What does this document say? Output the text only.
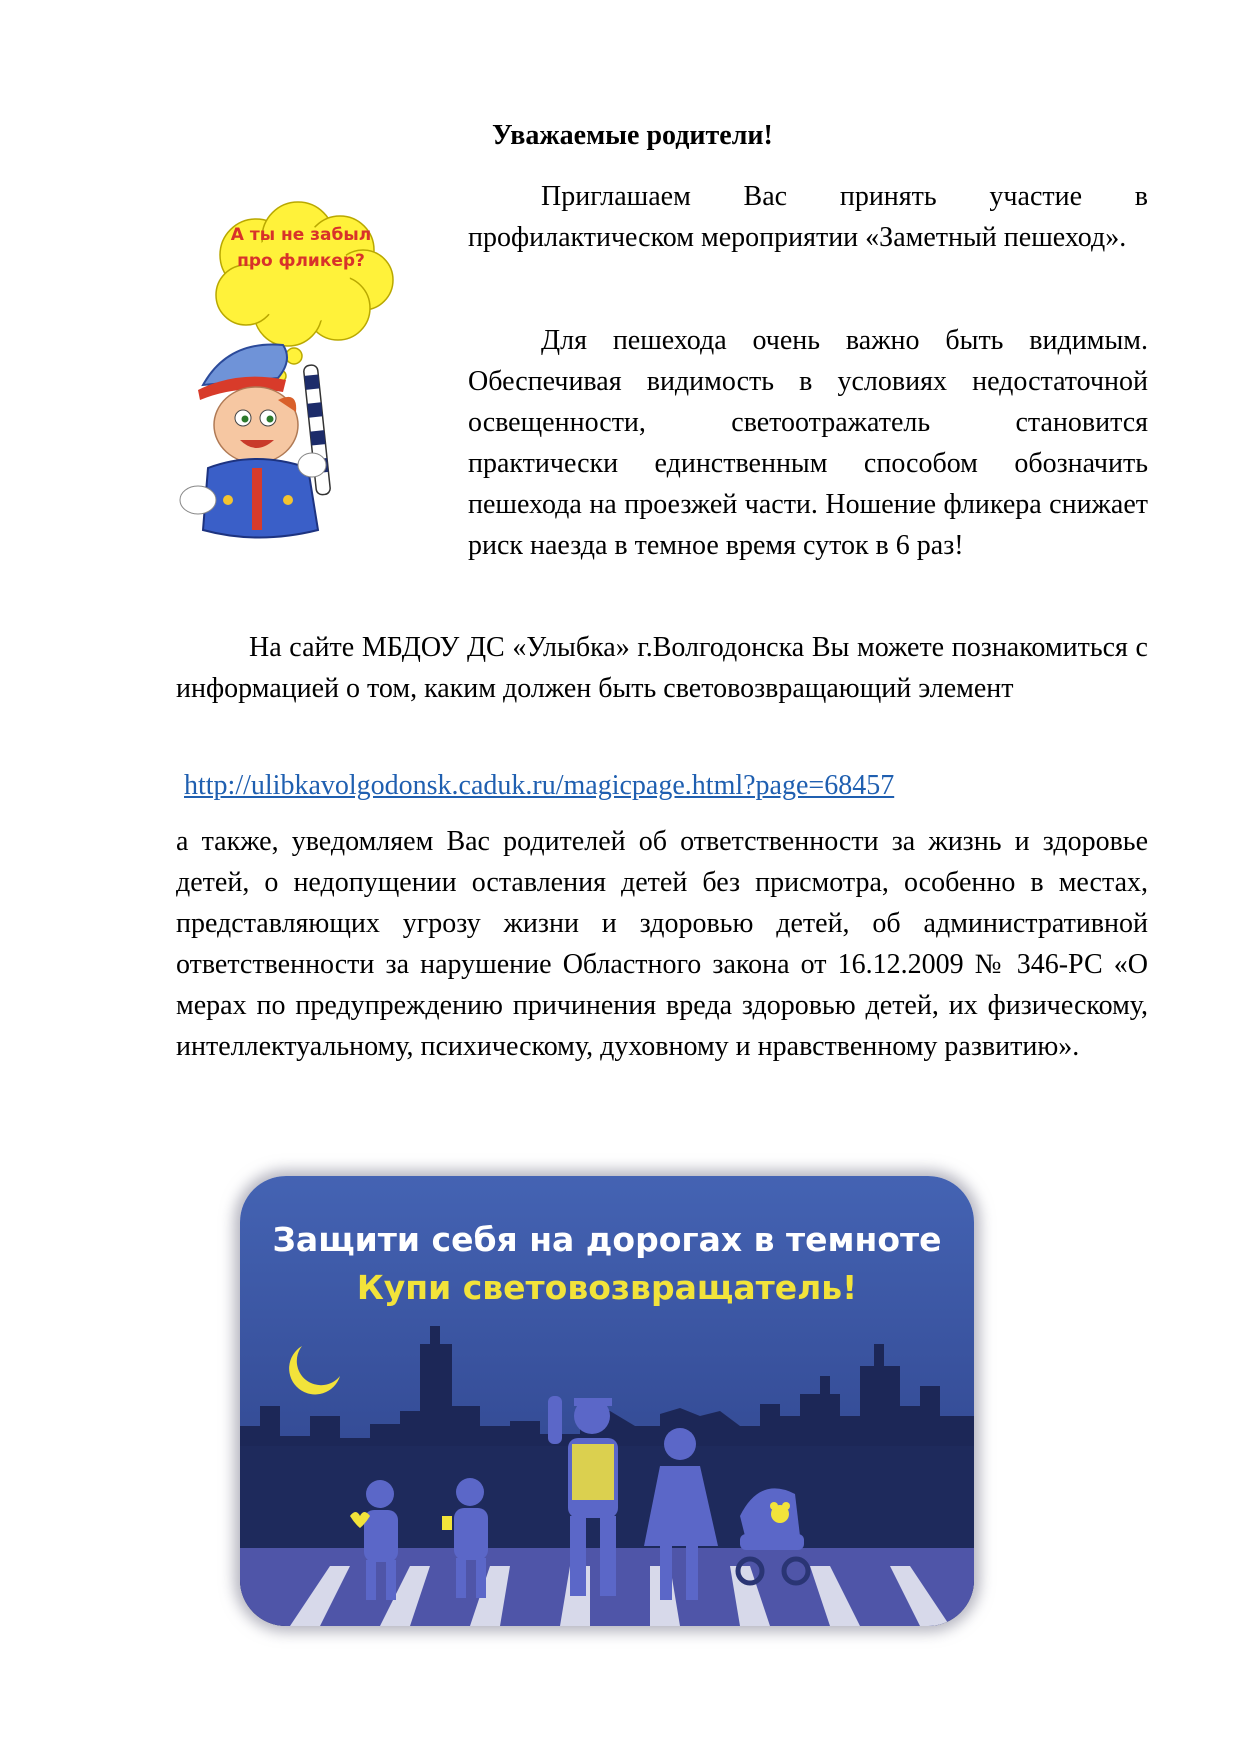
Уважаемые родители!
А ты не забыл про фликер?

Приглашаем Вас принять участие в профилактическом мероприятии «Заметный пешеход».

Для пешехода очень важно быть видимым. Обеспечивая видимость в условиях недостаточной освещенности, светоотражатель становится практически единственным способом обозначить пешехода на проезжей части. Ношение фликера снижает риск наезда в темное время суток в 6 раз!

На сайте МБДОУ ДС «Улыбка» г.Волгодонска Вы можете познакомиться с информацией о том, каким должен быть световозвращающий элемент

http://ulibkavolgodonsk.caduk.ru/magicpage.html?page=68457

а также, уведомляем Вас родителей об ответственности за жизнь и здоровье детей, о недопущении оставления детей без присмотра, особенно в местах, представляющих угрозу жизни и здоровью детей, об административной ответственности за нарушение Областного закона от 16.12.2009 № 346-РС «О мерах по предупреждению причинения вреда здоровью детей, их физическому, интеллектуальному, психическому, духовному и нравственному развитию».

Защити себя на дорогах в темноте

Купи световозвращатель!
